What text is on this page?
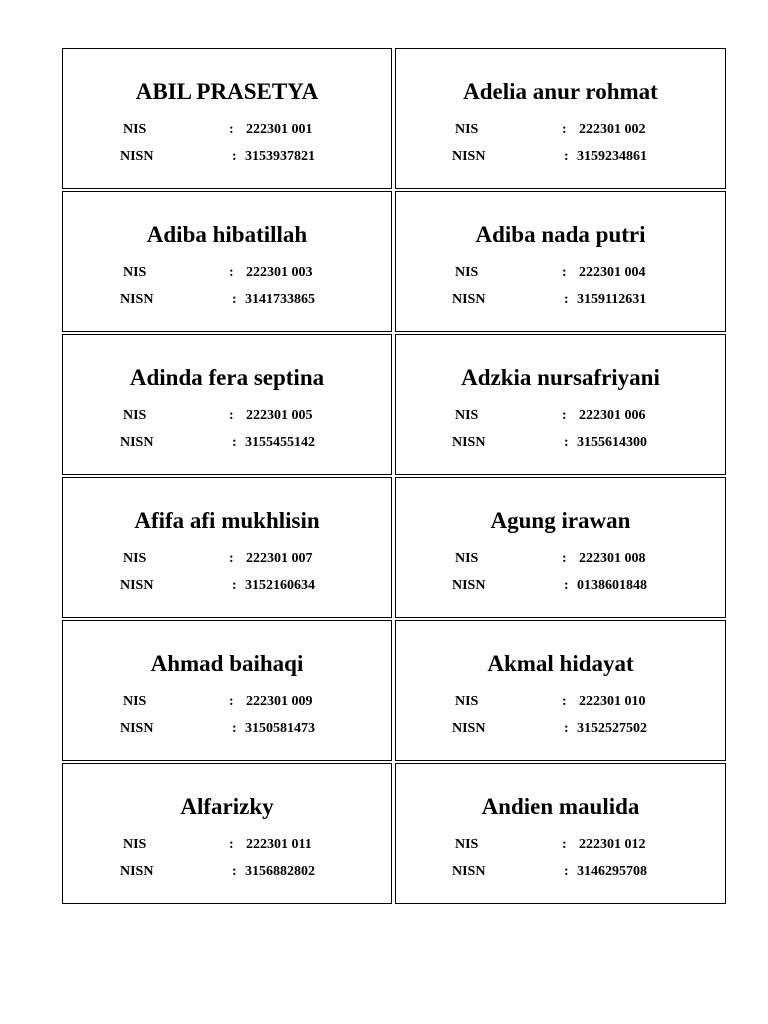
ABIL PRASETYA
NIS	: 222301 001
NISN	: 3153937821
Adiba hibatillah
NIS	: 222301 003
NISN	: 3141733865
Adinda fera septina
NIS	: 222301 005
NISN	: 3155455142
Afifa afi mukhlisin
NIS	: 222301 007
NISN	: 3152160634
Ahmad baihaqi
NIS	: 222301 009
NISN	: 3150581473
Alfarizky
NIS	: 222301 011
NISN	: 3156882802
Adelia anur rohmat
NIS	: 222301 002
NISN	: 3159234861
Adiba nada putri
NIS	: 222301 004
NISN	: 3159112631
Adzkia nursafriyani
NIS	: 222301 006
NISN	: 3155614300
Agung irawan
NIS	: 222301 008
NISN	: 0138601848
Akmal hidayat
NIS	: 222301 010
NISN	: 3152527502
Andien maulida
NIS	: 222301 012
NISN	: 3146295708
